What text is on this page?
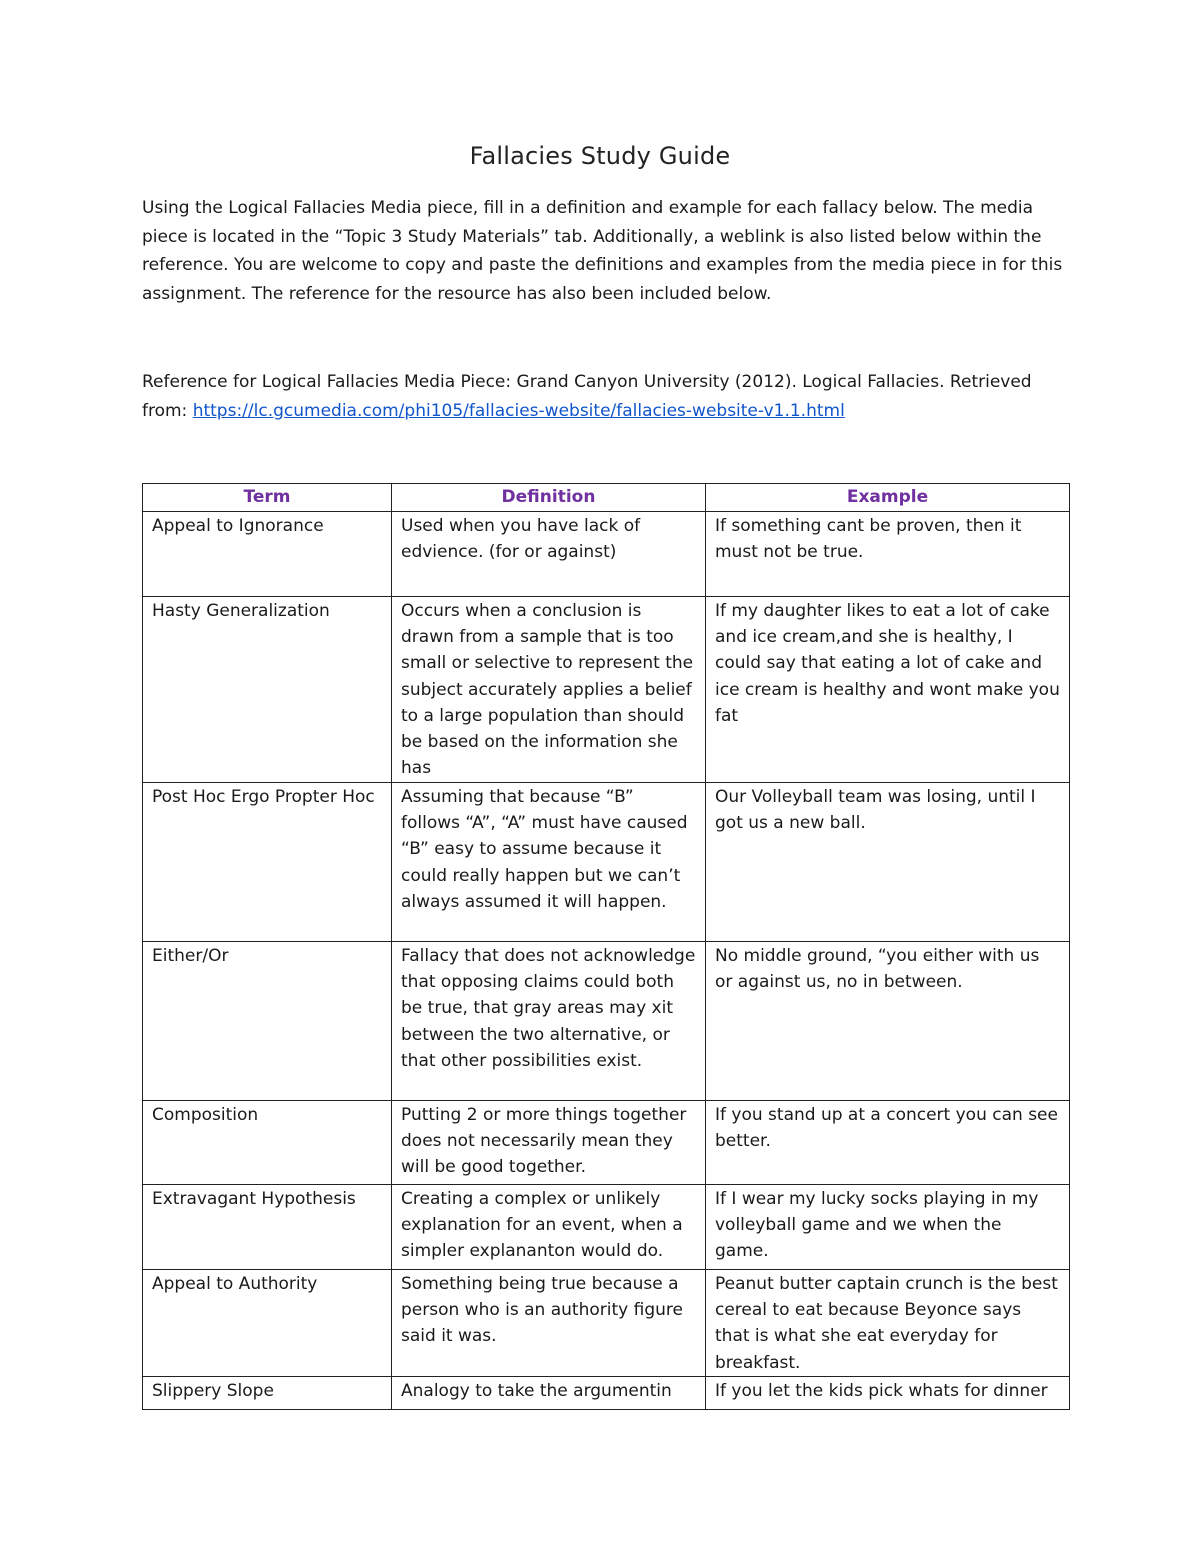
Fallacies Study Guide

Using the Logical Fallacies Media piece, fill in a definition and example for each fallacy below. The media piece is located in the “Topic 3 Study Materials” tab. Additionally, a weblink is also listed below within the reference. You are welcome to copy and paste the definitions and examples from the media piece in for this assignment. The reference for the resource has also been included below.

Reference for Logical Fallacies Media Piece: Grand Canyon University (2012). Logical Fallacies. Retrieved from: https://lc.gcumedia.com/phi105/fallacies-website/fallacies-website-v1.1.html

Term	Definition	Example
Appeal to Ignorance	Used when you have lack of edvience. (for or against)	If something cant be proven, then it must not be true.
Hasty Generalization	Occurs when a conclusion is drawn from a sample that is too small or selective to represent the subject accurately applies a belief to a large population than should be based on the information she has	If my daughter likes to eat a lot of cake and ice cream,and she is healthy, I could say that eating a lot of cake and ice cream is healthy and wont make you fat
Post Hoc Ergo Propter Hoc	Assuming that because “B” follows “A”, “A” must have caused “B” easy to assume because it could really happen but we can’t always assumed it will happen.	Our Volleyball team was losing, until I got us a new ball.
Either/Or	Fallacy that does not acknowledge that opposing claims could both be true, that gray areas may xit between the two alternative, or that other possibilities exist.	No middle ground, “you either with us or against us, no in between.
Composition	Putting 2 or more things together does not necessarily mean they will be good together.	If you stand up at a concert you can see better.
Extravagant Hypothesis	Creating a complex or unlikely explanation for an event, when a simpler explananton would do.	If I wear my lucky socks playing in my volleyball game and we when the game.
Appeal to Authority	Something being true because a person who is an authority figure said it was.	Peanut butter captain crunch is the best cereal to eat because Beyonce says that is what she eat everyday for breakfast.
Slippery Slope	Analogy to take the argumentin	If you let the kids pick whats for dinner
